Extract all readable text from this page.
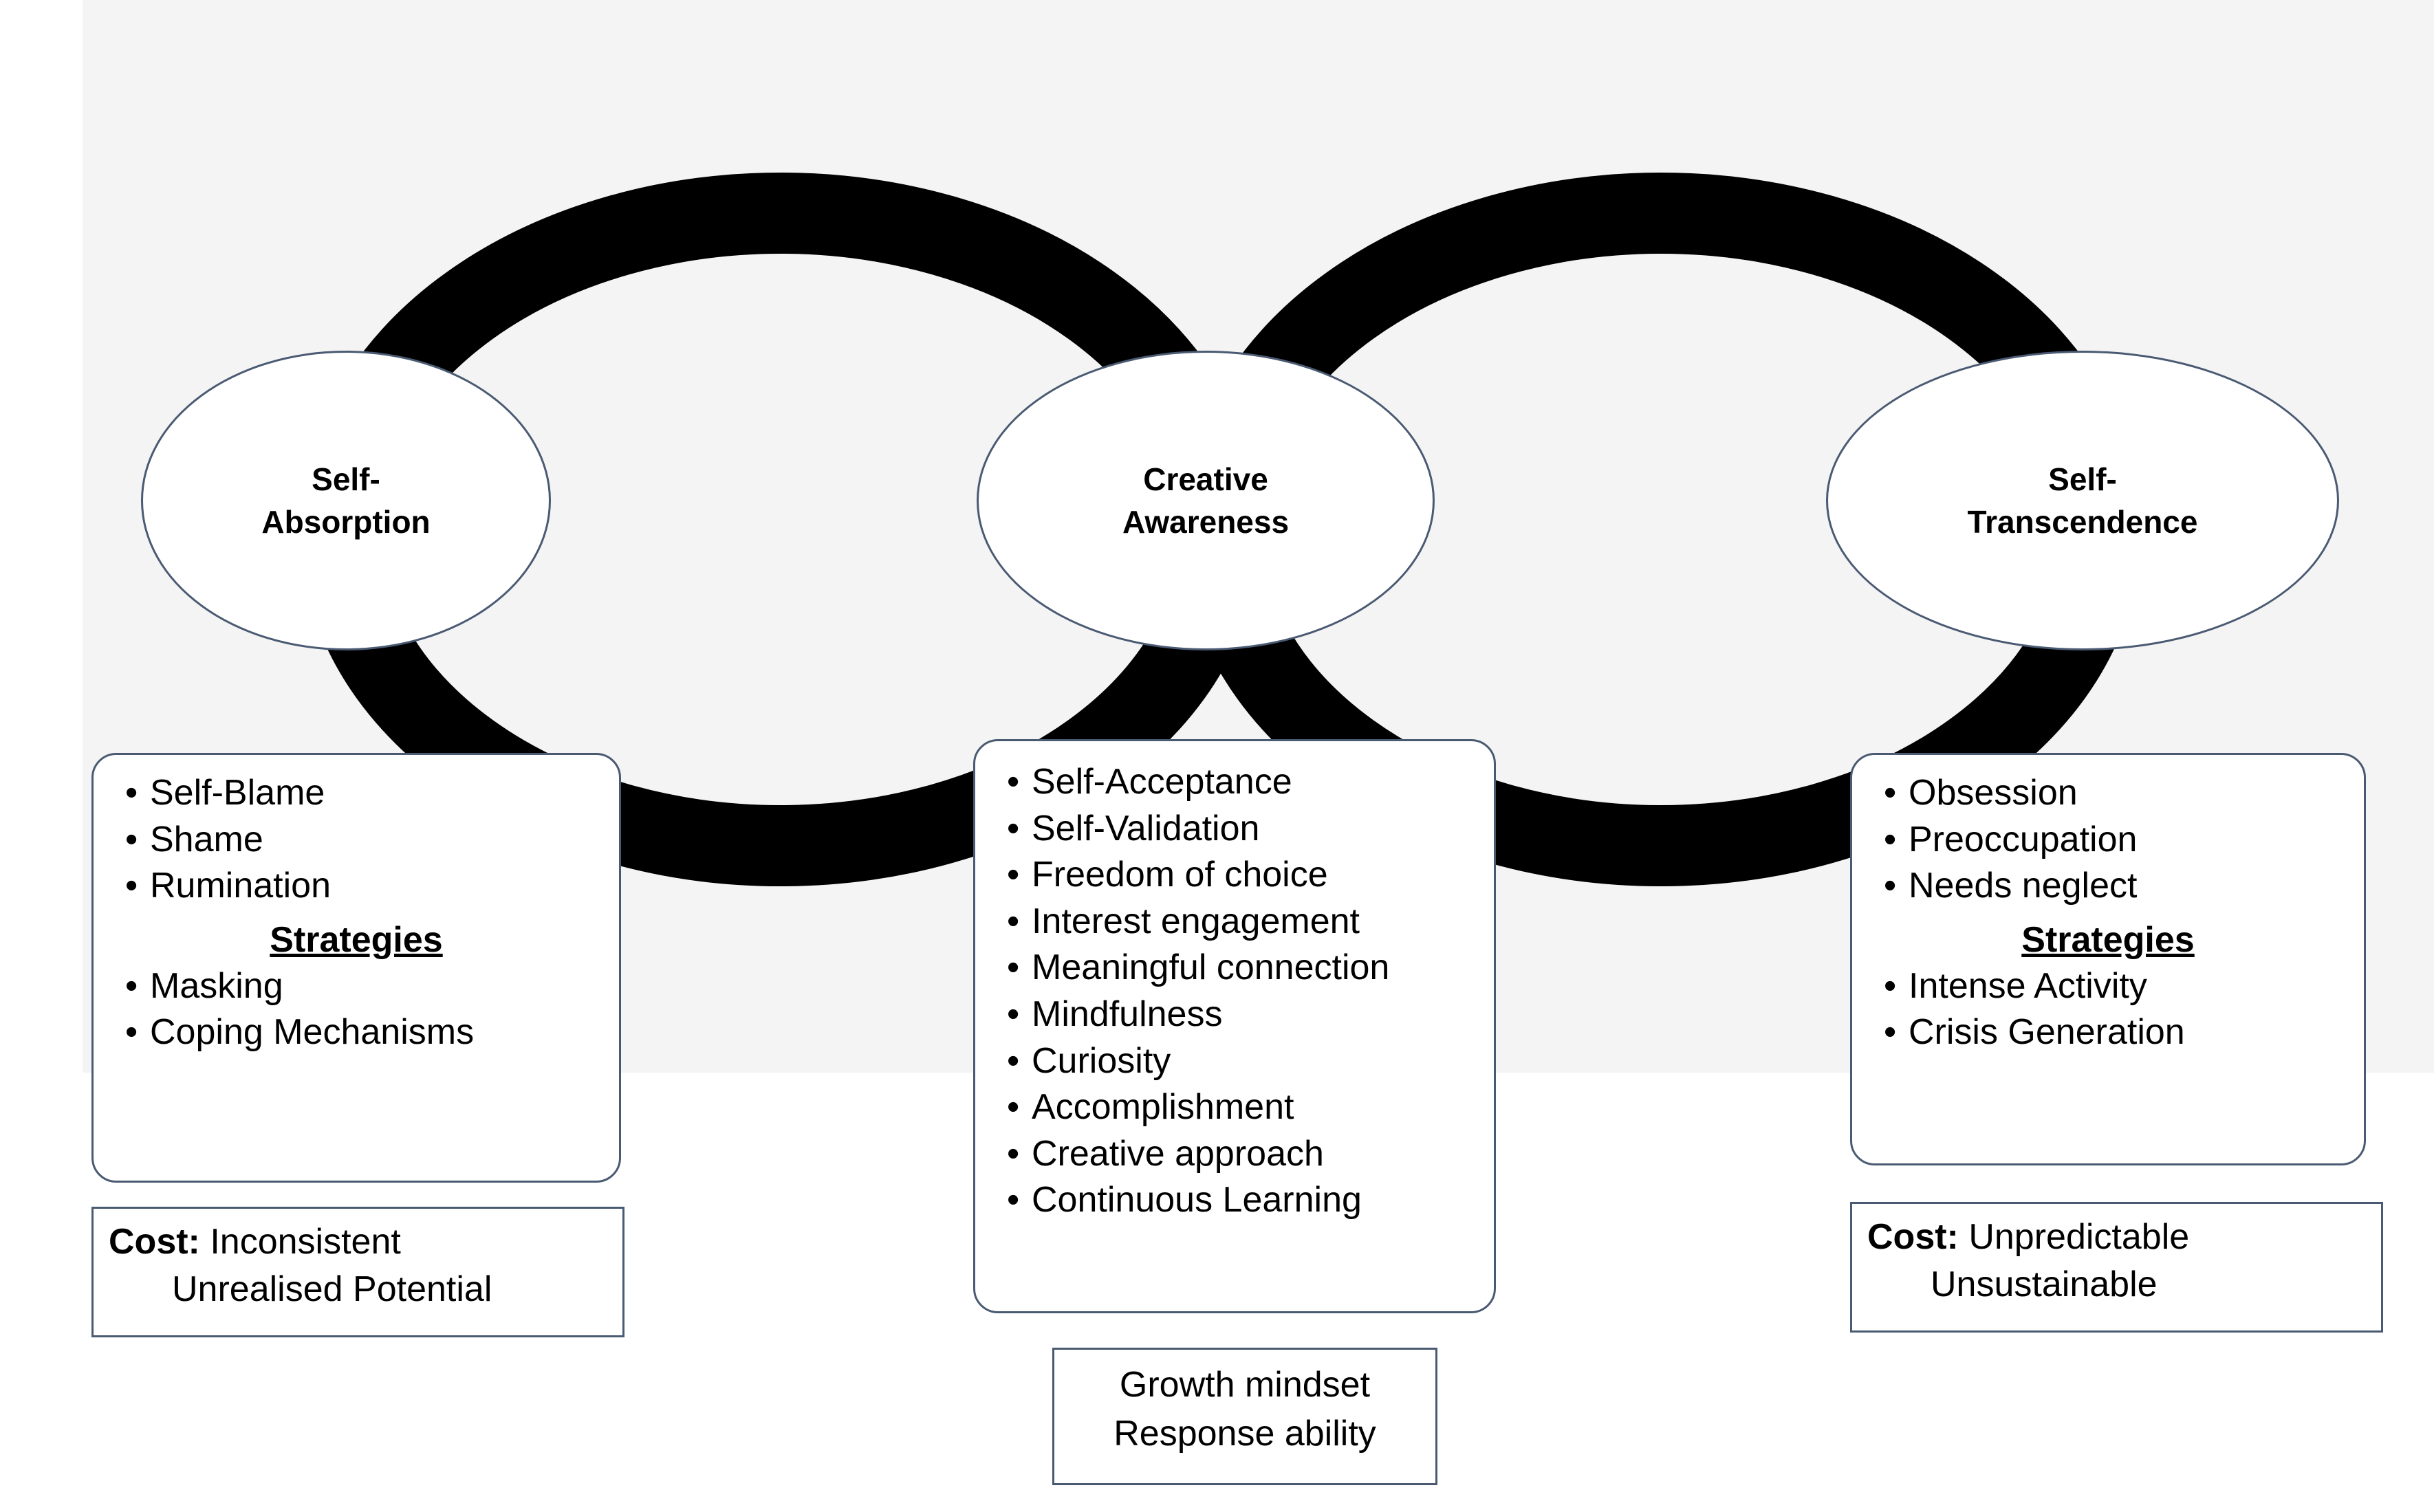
Self-
Absorption
Creative
Awareness
Self-
Transcendence
• Self-Blame
• Shame
• Rumination
Strategies
• Masking
• Coping Mechanisms
• Self-Acceptance
• Self-Validation
• Freedom of choice
• Interest engagement
• Meaningful connection
• Mindfulness
• Curiosity
• Accomplishment
• Creative approach
• Continuous Learning
• Obsession
• Preoccupation
• Needs neglect
Strategies
• Intense Activity
• Crisis Generation
Cost: Inconsistent
Unrealised Potential
Cost: Unpredictable
Unsustainable
Growth mindset
Response ability
